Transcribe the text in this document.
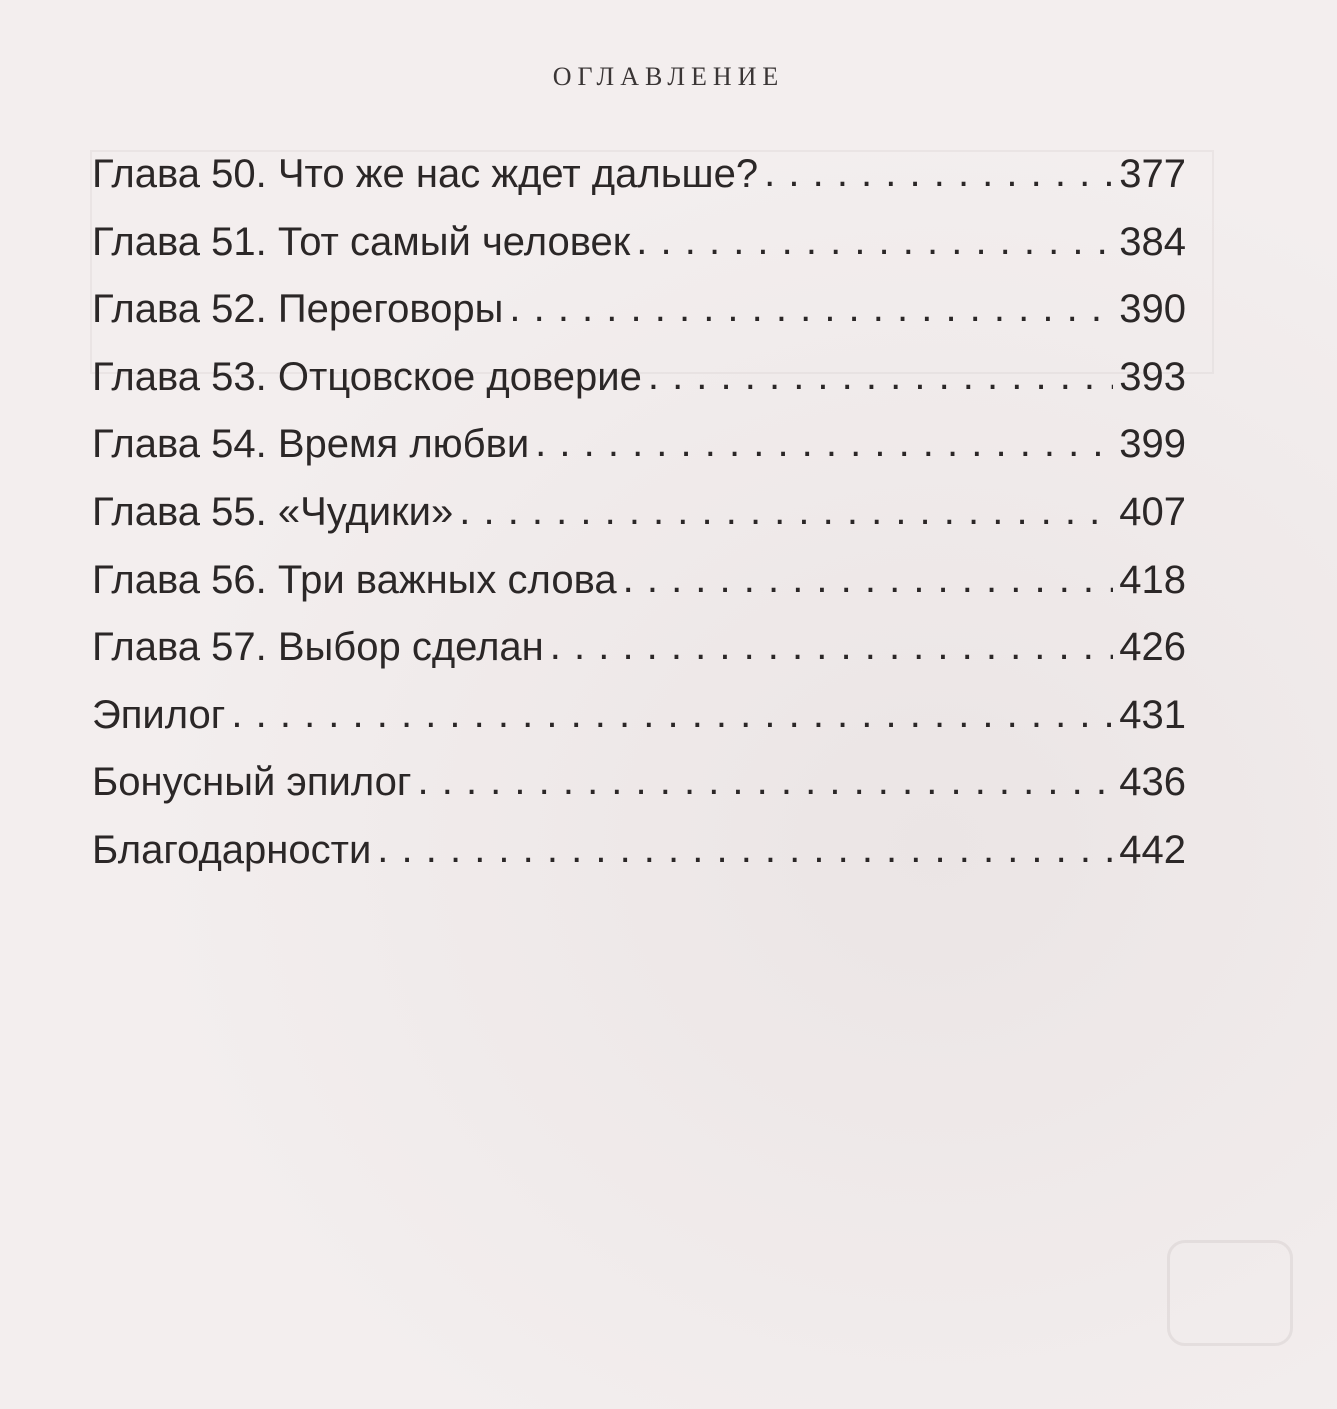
ОГЛАВЛЕНИЕ
Глава 50. Что же нас ждет дальше? . . .	377
Глава 51. Тот самый человек . . .	384
Глава 52. Переговоры . . .	390
Глава 53. Отцовское доверие . . .	393
Глава 54. Время любви . . .	399
Глава 55. «Чудики» . . .	407
Глава 56. Три важных слова . . .	418
Глава 57. Выбор сделан . . .	426
Эпилог . . .	431
Бонусный эпилог . . .	436
Благодарности . . .	442
